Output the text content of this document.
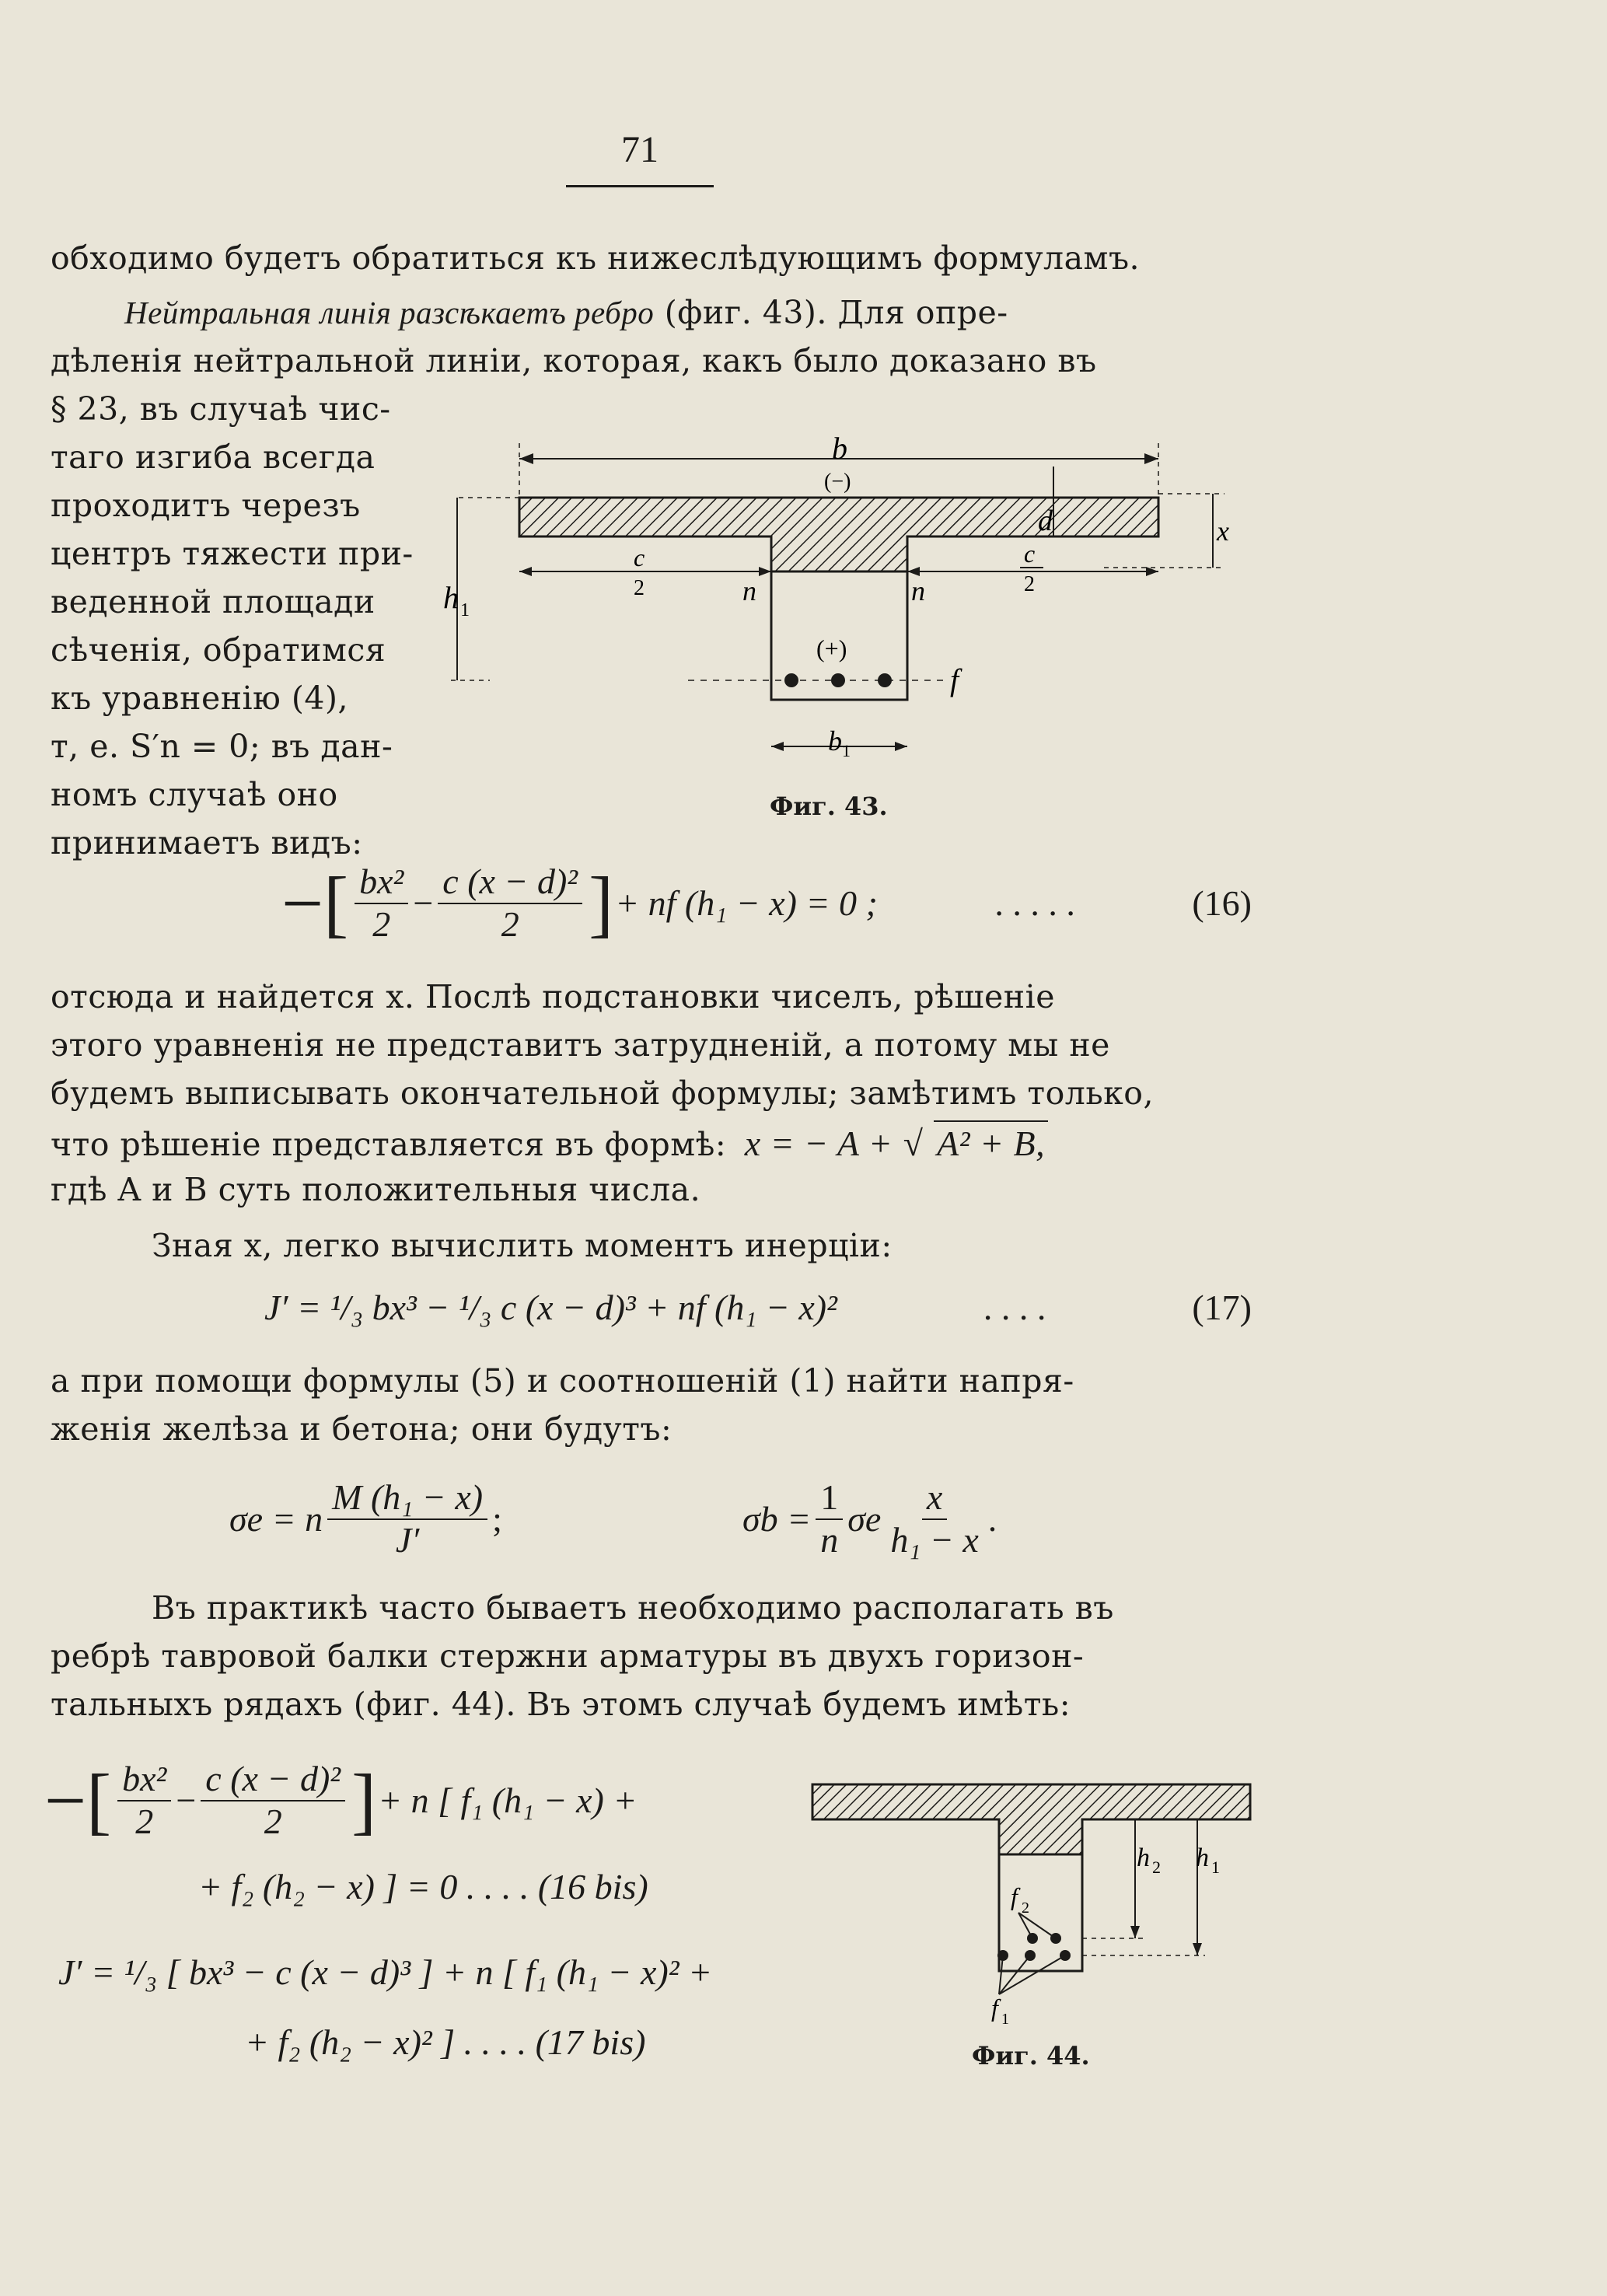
71
обходимо будетъ обратиться къ нижеслѣдующимъ формуламъ.
Нейтральная линія разсѣкаетъ ребро (фиг. 43). Для опре-
дѣленія нейтральной линіи, которая, какъ было доказано въ
§ 23, въ случаѣ чис-
таго изгиба всегда
проходитъ черезъ
центръ тяжести при-
веденной площади
сѣченія, обратимся
къ уравненію (4),
т, е. S′n = 0; въ дан-
номъ случаѣ оно
принимаетъ видъ:
b
(−)
d	x
c
2
c
2
n	n
h 1
(+)
f
b 1
Фиг. 43.
−[ $\frac{\text{bx²}}{2} - \frac{\text{c (x − d)²}}{2}$ ] + nf (h₁ − x) = 0 ;	. . . . .	(16)
отсюда и найдется x. Послѣ подстановки чиселъ, рѣшеніе
этого уравненія не представитъ затрудненій, а потому мы не
будемъ выписывать окончательной формулы; замѣтимъ только,
что рѣшеніе представляется въ формѣ: x = − A + √ A² + B,
гдѣ A и B суть положительныя числа.
Зная x, легко вычислить моментъ инерціи:
J′ = ¹/₃ bx³ − ¹/₃ c (x − d)³ + nf (h₁ − x)²	. . . .	(17)
а при помощи формулы (5) и соотношеній (1) найти напря-
женія желѣза и бетона; они будутъ:
σe = n $\frac{\text{M (h₁ − x)}}{J'}$ ;	$\sigma b = \frac{1}{n}$ σe $\frac{x}{\text{h₁ − x}}$ .
Въ практикѣ часто бываетъ необходимо располагать въ
ребрѣ тавровой балки стержни арматуры въ двухъ горизон-
тальныхъ рядахъ (фиг. 44). Въ этомъ случаѣ будемъ имѣть:
−[ $\frac{\text{bx²}}{2} - \frac{\text{c (x − d)²}}{2}$ ] + n [ f₁ (h₁ − x) +
+ f₂ (h₂ − x) ] = 0 . . . . (16 bis)
J′ = ¹/₃ [ bx³ − c (x − d)³ ] + n [ f₁ (h₁ − x)² +
+ f₂ (h₂ − x)² ] . . . . (17 bis)
h 2 h 1
f 2
f 1
Фиг. 44.
